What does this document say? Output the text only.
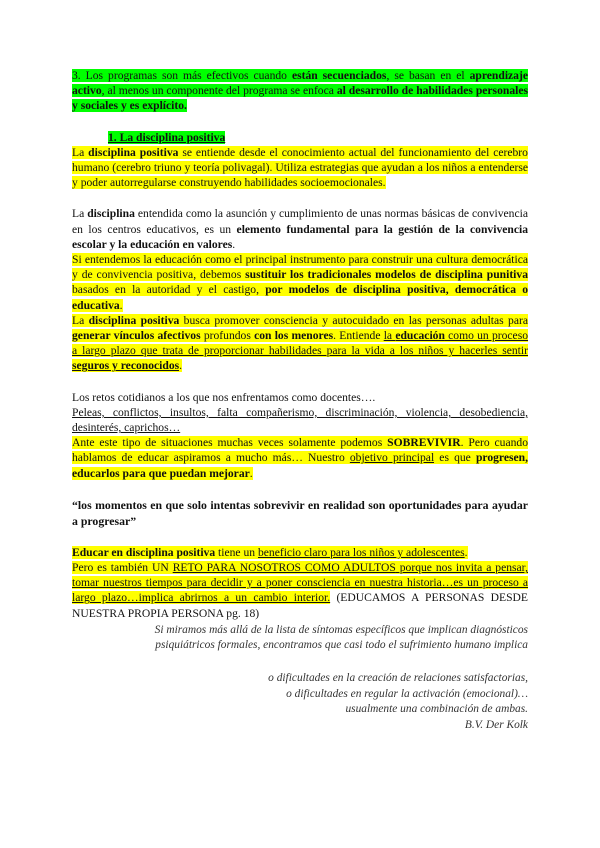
3. Los programas son más efectivos cuando están secuenciados, se basan en el aprendizaje activo, al menos un componente del programa se enfoca al desarrollo de habilidades personales y sociales y es explícito.

1. La disciplina positiva

La disciplina positiva se entiende desde el conocimiento actual del funcionamiento del cerebro humano (cerebro triuno y teoría polivagal). Utiliza estrategias que ayudan a los niños a entenderse y poder autorregularse construyendo habilidades socioemocionales.

La disciplina entendida como la asunción y cumplimiento de unas normas básicas de convivencia en los centros educativos, es un elemento fundamental para la gestión de la convivencia escolar y la educación en valores.

Si entendemos la educación como el principal instrumento para construir una cultura democrática y de convivencia positiva, debemos sustituir los tradicionales modelos de disciplina punitiva basados en la autoridad y el castigo, por modelos de disciplina positiva, democrática o educativa.

La disciplina positiva busca promover consciencia y autocuidado en las personas adultas para generar vínculos afectivos profundos con los menores. Entiende la educación como un proceso a largo plazo que trata de proporcionar habilidades para la vida a los niños y hacerles sentir seguros y reconocidos.

Los retos cotidianos a los que nos enfrentamos como docentes….

Peleas, conflictos, insultos, falta compañerismo, discriminación, violencia, desobediencia, desinterés, caprichos…

Ante este tipo de situaciones muchas veces solamente podemos SOBREVIVIR. Pero cuando hablamos de educar aspiramos a mucho más… Nuestro objetivo principal es que progresen, educarlos para que puedan mejorar.

“los momentos en que solo intentas sobrevivir en realidad son oportunidades para ayudar a progresar”

Educar en disciplina positiva tiene un beneficio claro para los niños y adolescentes.

Pero es también UN RETO PARA NOSOTROS COMO ADULTOS porque nos invita a pensar, tomar nuestros tiempos para decidir y a poner consciencia en nuestra historia…es un proceso a largo plazo…implica abrirnos a un cambio interior. (EDUCAMOS A PERSONAS DESDE NUESTRA PROPIA PERSONA pg. 18)

Si miramos más allá de la lista de síntomas específicos que implican diagnósticos
psiquiátricos formales, encontramos que casi todo el sufrimiento humano implica
o dificultades en la creación de relaciones satisfactorias,
o dificultades en regular la activación (emocional)…
usualmente una combinación de ambas.
B.V. Der Kolk
